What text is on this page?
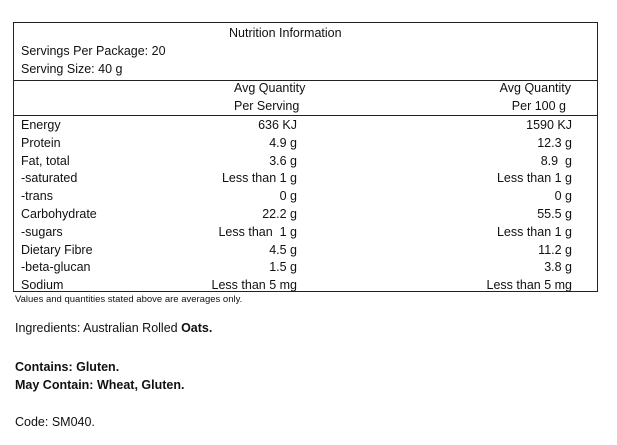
Nutrition Information
Servings Per Package: 20
Serving Size: 40 g
Avg Quantity
Per Serving
Avg Quantity
Per 100 g
Energy	636 KJ	1590 KJ
Protein	4.9 g	12.3 g
Fat, total	3.6 g	8.9  g
-saturated	Less than 1 g	Less than 1 g
-trans	0 g	0 g
Carbohydrate	22.2 g	55.5 g
-sugars	Less than  1 g	Less than 1 g
Dietary Fibre	4.5 g	11.2 g
-beta-glucan	1.5 g	3.8 g
Sodium	Less than 5 mg	Less than 5 mg
Values and quantities stated above are averages only.
Ingredients: Australian Rolled Oats.
Contains: Gluten.
May Contain: Wheat, Gluten.
Code: SM040.
